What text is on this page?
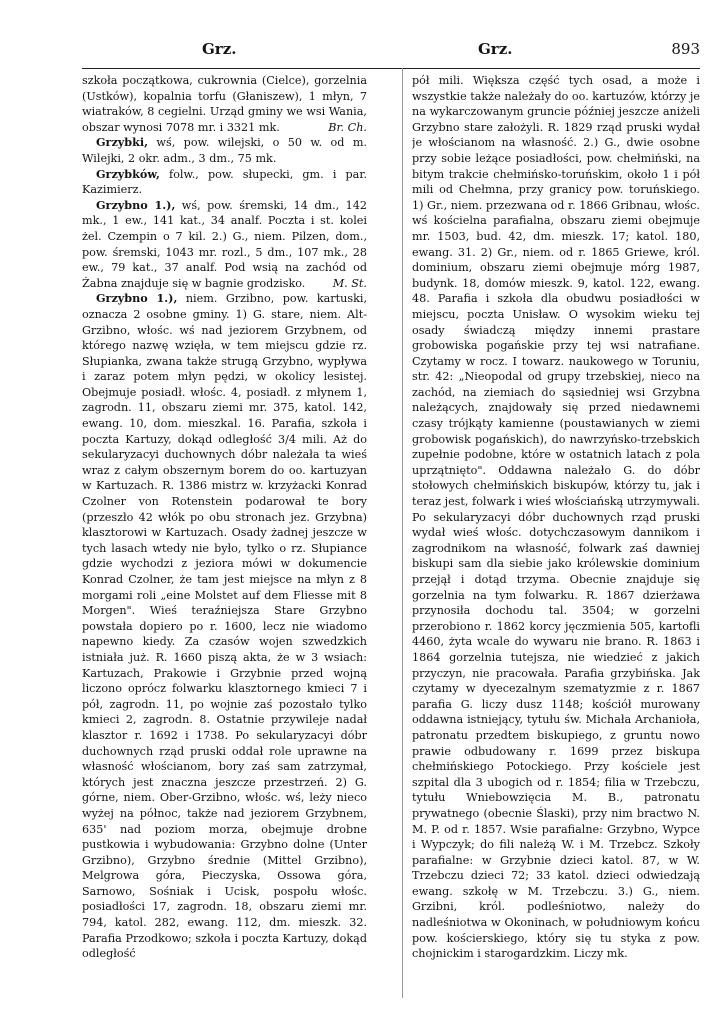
Grz.	Grz.	893

szkoła początkowa, cukrownia (Cielce), gorzelnia (Ustków), kopalnia torfu (Głaniszew), 1 młyn, 7 wiatraków, 8 cegielni. Urząd gminy we wsi Wania, obszar wynosi 7078 mr. i 3321 mk.	Br. Ch.

Grzybki, wś, pow. wilejski, o 50 w. od m. Wilejki, 2 okr. adm., 3 dm., 75 mk.

Grzybków, folw., pow. słupecki, gm. i par. Kazimierz.

Grzybno 1.), wś, pow. śremski, 14 dm., 142 mk., 1 ew., 141 kat., 34 analf. Poczta i st. kolei żel. Czempin o 7 kil. 2.) G., niem. Pilzen, dom., pow. śremski, 1043 mr. rozl., 5 dm., 107 mk., 28 ew., 79 kat., 37 analf. Pod wsią na zachód od Żabna znajduje się w bagnie grodzisko.	M. St.

Grzybno 1.), niem. Grzibno, pow. kartuski, oznacza 2 osobne gminy. 1) G. stare, niem. Alt-Grzibno, włośc. wś nad jeziorem Grzybnem, od którego nazwę wzięła, w tem miejscu gdzie rz. Słupianka, zwana także strugą Grzybno, wypływa i zaraz potem młyn pędzi, w okolicy lesistej. Obejmuje posiadł. włośc. 4, posiadł. z młynem 1, zagrodn. 11, obszaru ziemi mr. 375, katol. 142, ewang. 10, dom. mieszkal. 16. Parafia, szkoła i poczta Kartuzy, dokąd odległość 3/4 mili. Aż do sekularyzacyi duchownych dóbr należała ta wieś wraz z całym obszernym borem do oo. kartuzyan w Kartuzach. R. 1386 mistrz w. krzyżacki Konrad Czolner von Rotenstein podarował te bory (przeszło 42 włók po obu stronach jez. Grzybna) klasztorowi w Kartuzach. Osady żadnej jeszcze w tych lasach wtedy nie było, tylko o rz. Słupiance gdzie wychodzi z jeziora mówi w dokumencie Konrad Czolner, że tam jest miejsce na młyn z 8 morgami roli „eine Molstet auf dem Fliesse mit 8 Morgen". Wieś teraźniejsza Stare Grzybno powstała dopiero po r. 1600, lecz nie wiadomo napewno kiedy. Za czasów wojen szwedzkich istniała już. R. 1660 piszą akta, że w 3 wsiach: Kartuzach, Prakowie i Grzybnie przed wojną liczono oprócz folwarku klasztornego kmieci 7 i pół, zagrodn. 11, po wojnie zaś pozostało tylko kmieci 2, zagrodn. 8. Ostatnie przywileje nadał klasztor r. 1692 i 1738. Po sekularyzacyi dóbr duchownych rząd pruski oddał role uprawne na własność włościanom, bory zaś sam zatrzymał, których jest znaczna jeszcze przestrzeń. 2) G. górne, niem. Ober-Grzibno, włośc. wś, leży nieco wyżej na północ, także nad jeziorem Grzybnem, 635' nad poziom morza, obejmuje drobne pustkowia i wybudowania: Grzybno dolne (Unter Grzibno), Grzybno średnie (Mittel Grzibno), Melgrowa góra, Pieczyska, Ossowa góra, Sarnowo, Sośniak i Ucisk, pospołu włośc. posiadłości 17, zagrodn. 18, obszaru ziemi mr. 794, katol. 282, ewang. 112, dm. mieszk. 32. Parafia Przodkowo; szkoła i poczta Kartuzy, dokąd odległość

pół mili. Większa część tych osad, a może i wszystkie także należały do oo. kartuzów, którzy je na wykarczowanym gruncie później jeszcze aniżeli Grzybno stare założyli. R. 1829 rząd pruski wydał je włościanom na własność. 2.) G., dwie osobne przy sobie leżące posiadłości, pow. chełmiński, na bitym trakcie chełmińsko-toruńskim, około 1 i pół mili od Chełmna, przy granicy pow. toruńskiego. 1) Gr., niem. przezwana od r. 1866 Gribnau, włośc. wś kościelna parafialna, obszaru ziemi obejmuje mr. 1503, bud. 42, dm. mieszk. 17; katol. 180, ewang. 31. 2) Gr., niem. od r. 1865 Griewe, król. dominium, obszaru ziemi obejmuje mórg 1987, budynk. 18, domów mieszk. 9, katol. 122, ewang. 48. Parafia i szkoła dla obudwu posiadłości w miejscu, poczta Unisław. O wysokim wieku tej osady świadczą między innemi prastare grobowiska pogańskie przy tej wsi natrafiane. Czytamy w rocz. I towarz. naukowego w Toruniu, str. 42: „Nieopodal od grupy trzebskiej, nieco na zachód, na ziemiach do sąsiedniej wsi Grzybna należących, znajdowały się przed niedawnemi czasy trójkąty kamienne (poustawianych w ziemi grobowisk pogańskich), do nawrzyńsko-trzebskich zupełnie podobne, które w ostatnich latach z pola uprzątnięto". Oddawna należało G. do dóbr stołowych chełmińskich biskupów, którzy tu, jak i teraz jest, folwark i wieś włościańską utrzymywali. Po sekularyzacyi dóbr duchownych rząd pruski wydał wieś włośc. dotychczasowym dannikom i zagrodnikom na własność, folwark zaś dawniej biskupi sam dla siebie jako królewskie dominium przejął i dotąd trzyma. Obecnie znajduje się gorzelnia na tym folwarku. R. 1867 dzierżawa przynosiła dochodu tal. 3504; w gorzelni przerobiono r. 1862 korcy jęczmienia 505, kartofli 4460, żyta wcale do wywaru nie brano. R. 1863 i 1864 gorzelnia tutejsza, nie wiedzieć z jakich przyczyn, nie pracowała. Parafia grzybińska. Jak czytamy w dyecezalnym szematyzmie z r. 1867 parafia G. liczy dusz 1148; kościół murowany oddawna istniejący, tytułu św. Michała Archanioła, patronatu przedtem biskupiego, z gruntu nowo prawie odbudowany r. 1699 przez biskupa chełmińskiego Potockiego. Przy kościele jest szpital dla 3 ubogich od r. 1854; filia w Trzebczu, tytułu Wniebowzięcia M. B., patronatu prywatnego (obecnie Ślaski), przy nim bractwo N. M. P. od r. 1857. Wsie parafialne: Grzybno, Wypce i Wypczyk; do fili należą W. i M. Trzebcz. Szkoły parafialne: w Grzybnie dzieci katol. 87, w W. Trzebczu dzieci 72; 33 katol. dzieci odwiedzają ewang. szkołę w M. Trzebczu. 3.) G., niem. Grzibni, król. podleśniotwo, należy do nadleśniotwa w Okoninach, w południowym końcu pow. kościerskiego, który się tu styka z pow. chojnickim i starogardzkim. Liczy mk.
